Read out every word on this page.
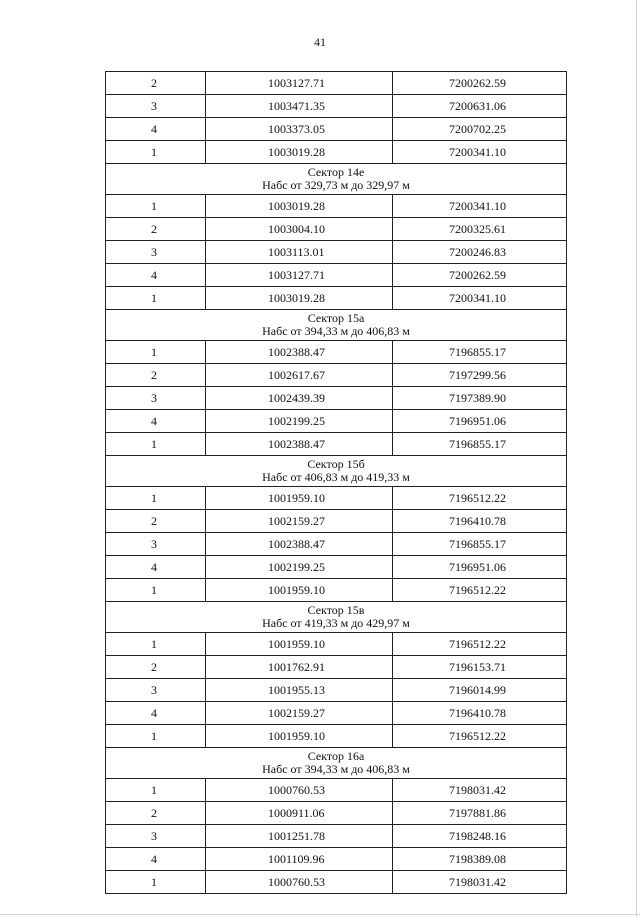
41
2	1003127.71	7200262.59
3	1003471.35	7200631.06
4	1003373.05	7200702.25
1	1003019.28	7200341.10

Сектор 14е
Набс от 329,73 м до 329,97 м		

1	1003019.28	7200341.10
2	1003004.10	7200325.61
3	1003113.01	7200246.83
4	1003127.71	7200262.59
1	1003019.28	7200341.10

Сектор 15а
Набс от 394,33 м до 406,83 м		

1	1002388.47	7196855.17
2	1002617.67	7197299.56
3	1002439.39	7197389.90
4	1002199.25	7196951.06
1	1002388.47	7196855.17

Сектор 15б
Набс от 406,83 м до 419,33 м		

1	1001959.10	7196512.22
2	1002159.27	7196410.78
3	1002388.47	7196855.17
4	1002199.25	7196951.06
1	1001959.10	7196512.22

Сектор 15в
Набс от 419,33 м до 429,97 м		

1	1001959.10	7196512.22
2	1001762.91	7196153.71
3	1001955.13	7196014.99
4	1002159.27	7196410.78
1	1001959.10	7196512.22

Сектор 16а
Набс от 394,33 м до 406,83 м		

1	1000760.53	7198031.42
2	1000911.06	7197881.86
3	1001251.78	7198248.16
4	1001109.96	7198389.08
1	1000760.53	7198031.42
